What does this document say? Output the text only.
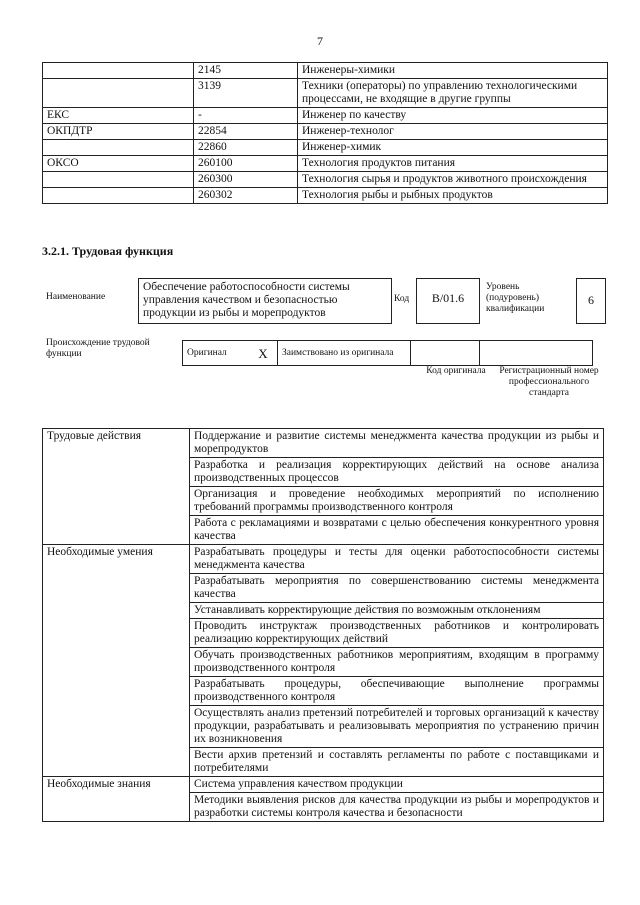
7
	2145	Инженеры-химики
	3139	Техники (операторы) по управлению технологическими процессами, не входящие в другие группы
ЕКС	-	Инженер по качеству
ОКПДТР	22854	Инженер-технолог
	22860	Инженер-химик
ОКСО	260100	Технология продуктов питания
	260300	Технология сырья и продуктов животного происхождения
	260302	Технология рыбы и рыбных продуктов
3.2.1. Трудовая функция
Наименование
Обеспечение работоспособности системы управления качеством и безопасностью продукции из рыбы и морепродуктов
Код	В/01.6
Уровень (подуровень) квалификации
6
Происхождение трудовой функции	Оригинал	Х	Заимствовано из оригинала		
Код оригинала	Регистрационный номер профессионального стандарта
Трудовые действия	Поддержание и развитие системы менеджмента качества продукции из рыбы и морепродуктов
	Разработка и реализация корректирующих действий на основе анализа производственных процессов
	Организация и проведение необходимых мероприятий по исполнению требований программы производственного контроля
	Работа с рекламациями и возвратами с целью обеспечения конкурентного уровня качества
Необходимые умения	Разрабатывать процедуры и тесты для оценки работоспособности системы менеджмента качества
	Разрабатывать мероприятия по совершенствованию системы менеджмента качества
	Устанавливать корректирующие действия по возможным отклонениям
	Проводить инструктаж производственных работников и контролировать реализацию корректирующих действий
	Обучать производственных работников мероприятиям, входящим в программу производственного контроля
	Разрабатывать процедуры, обеспечивающие выполнение программы производственного контроля
	Осуществлять анализ претензий потребителей и торговых организаций к качеству продукции, разрабатывать и реализовывать мероприятия по устранению причин их возникновения
	Вести архив претензий и составлять регламенты по работе с поставщиками и потребителями
Необходимые знания	Система управления качеством продукции
	Методики выявления рисков для качества продукции из рыбы и морепродуктов и разработки системы контроля качества и безопасности
